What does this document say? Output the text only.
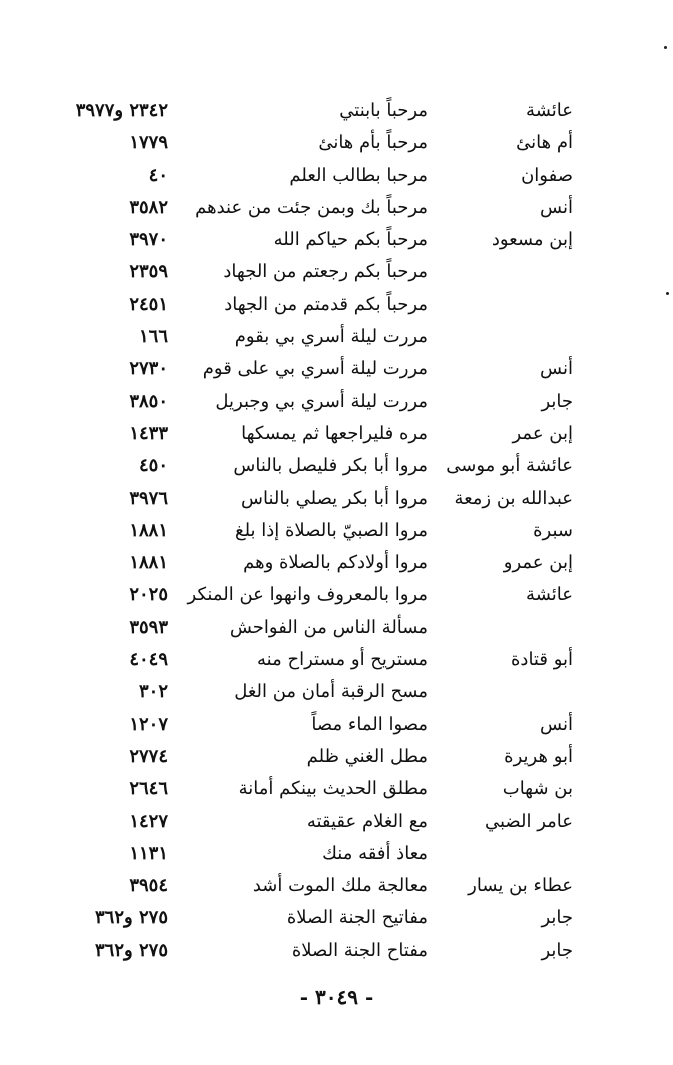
عائشة
مرحباً بابنتي
٢٣٤٢ و٣٩٧٧
أم هانئ
مرحباً بأم هانئ
١٧٧٩
صفوان
مرحبا بطالب العلم
٤٠
أنس
مرحباً بك وبمن جئت من عندهم
٣٥٨٢
إبن مسعود
مرحباً بكم حياكم الله
٣٩٧٠
مرحباً بكم رجعتم من الجهاد
٢٣٥٩
مرحباً بكم قدمتم من الجهاد
٢٤٥١
مررت ليلة أسري بي بقوم
١٦٦
أنس
مررت ليلة أسري بي على قوم
٢٧٣٠
جابر
مررت ليلة أسري بي وجبريل
٣٨٥٠
إبن عمر
مره فليراجعها ثم يمسكها
١٤٣٣
عائشة أبو موسى
مروا أبا بكر فليصل بالناس
٤٥٠
عبدالله بن زمعة
مروا أبا بكر يصلي بالناس
٣٩٧٦
سبرة
مروا الصبيّ بالصلاة إذا بلغ
١٨٨١
إبن عمرو
مروا أولادكم بالصلاة وهم
١٨٨١
عائشة
مروا بالمعروف وانهوا عن المنكر
٢٠٢٥
مسألة الناس من الفواحش
٣٥٩٣
أبو قتادة
مستريح أو مستراح منه
٤٠٤٩
مسح الرقبة أمان من الغل
٣٠٢
أنس
مصوا الماء مصاً
١٢٠٧
أبو هريرة
مطل الغني ظلم
٢٧٧٤
بن شهاب
مطلق الحديث بينكم أمانة
٢٦٤٦
عامر الضبي
مع الغلام عقيقته
١٤٢٧
معاذ أفقه منك
١١٣١
عطاء بن يسار
معالجة ملك الموت أشد
٣٩٥٤
جابر
مفاتيح الجنة الصلاة
٢٧٥ و٣٦٢
جابر
مفتاح الجنة الصلاة
٢٧٥ و٣٦٢
- ٣٠٤٩ -
